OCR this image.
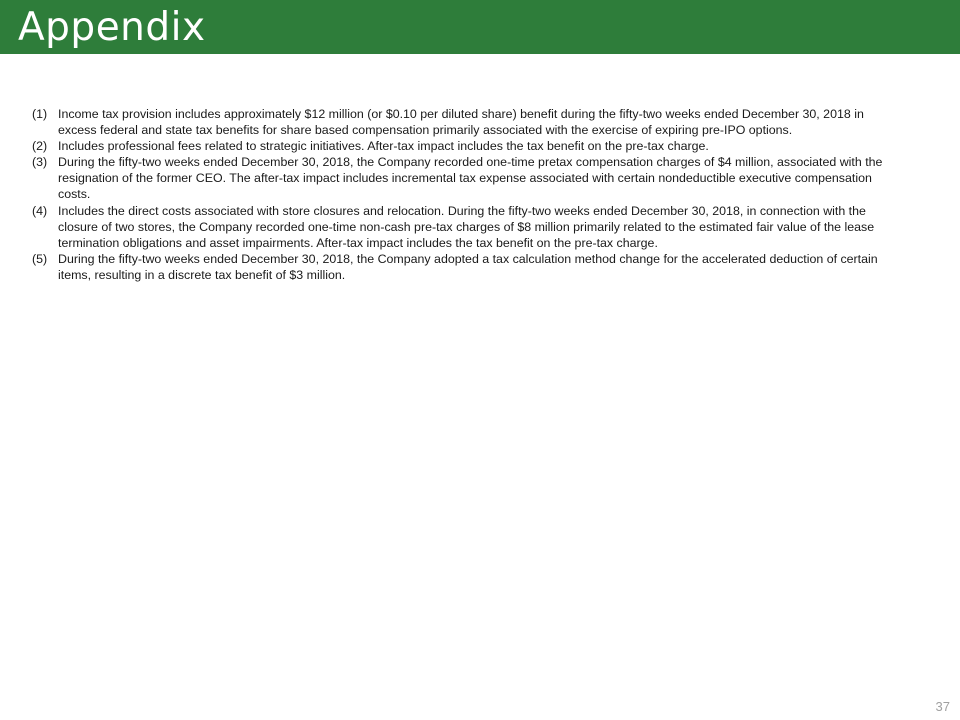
Appendix
(1) Income tax provision includes approximately $12 million (or $0.10 per diluted share) benefit during the fifty-two weeks ended December 30, 2018 in excess federal and state tax benefits for share based compensation primarily associated with the exercise of expiring pre-IPO options.
(2) Includes professional fees related to strategic initiatives. After-tax impact includes the tax benefit on the pre-tax charge.
(3) During the fifty-two weeks ended December 30, 2018, the Company recorded one-time pretax compensation charges of $4 million, associated with the resignation of the former CEO. The after-tax impact includes incremental tax expense associated with certain nondeductible executive compensation costs.
(4) Includes the direct costs associated with store closures and relocation. During the fifty-two weeks ended December 30, 2018, in connection with the closure of two stores, the Company recorded one-time non-cash pre-tax charges of $8 million primarily related to the estimated fair value of the lease termination obligations and asset impairments. After-tax impact includes the tax benefit on the pre-tax charge.
(5) During the fifty-two weeks ended December 30, 2018, the Company adopted a tax calculation method change for the accelerated deduction of certain items, resulting in a discrete tax benefit of $3 million.
37
